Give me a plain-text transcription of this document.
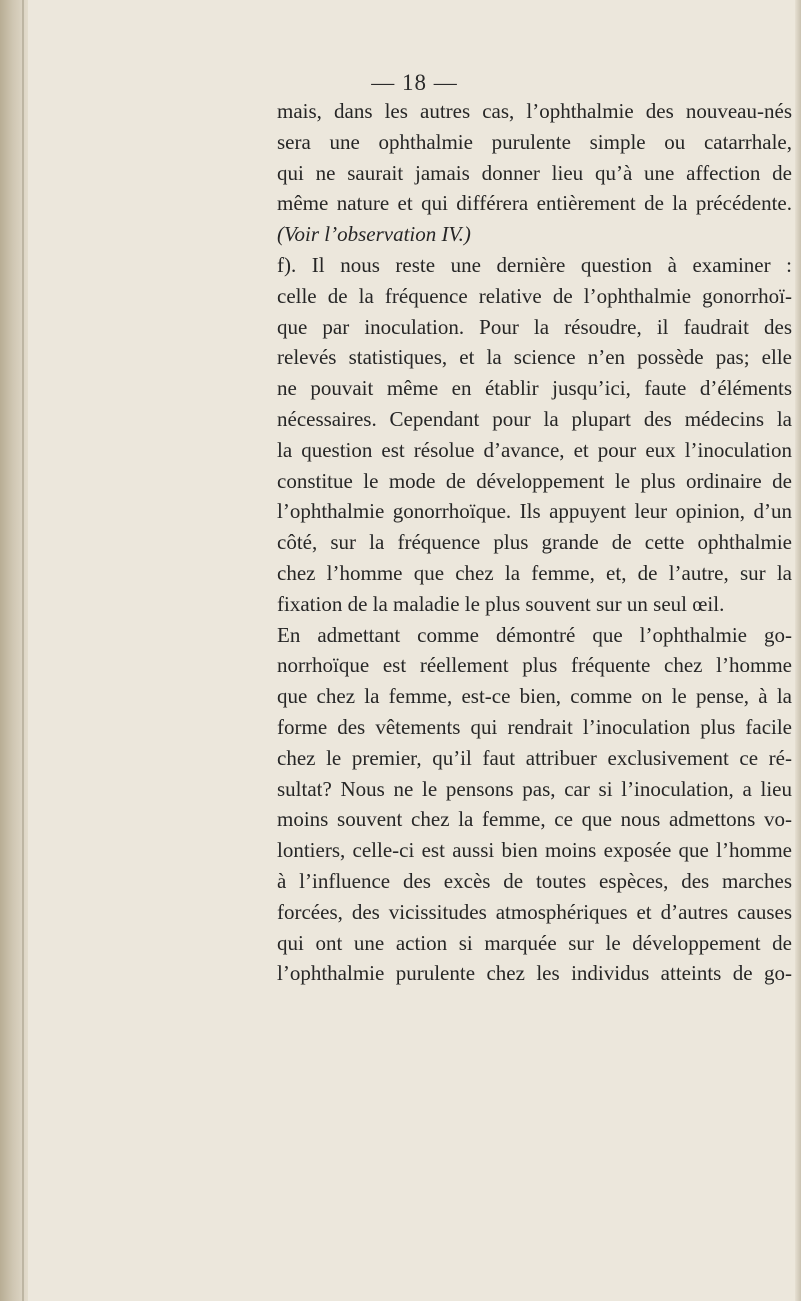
— 18 —

mais, dans les autres cas, l’ophthalmie des nouveau-nés
sera une ophthalmie purulente simple ou catarrhale,
qui ne saurait jamais donner lieu qu’à une affection de
même nature et qui différera entièrement de la précédente.
(Voir l’observation IV.)
f). Il nous reste une dernière question à examiner :
celle de la fréquence relative de l’ophthalmie gonorrhoï-
que par inoculation. Pour la résoudre, il faudrait des
relevés statistiques, et la science n’en possède pas; elle
ne pouvait même en établir jusqu’ici, faute d’éléments
nécessaires. Cependant pour la plupart des médecins la
la question est résolue d’avance, et pour eux l’inoculation
constitue le mode de développement le plus ordinaire de
l’ophthalmie gonorrhoïque. Ils appuyent leur opinion, d’un
côté, sur la fréquence plus grande de cette ophthalmie
chez l’homme que chez la femme, et, de l’autre, sur la
fixation de la maladie le plus souvent sur un seul œil.
En admettant comme démontré que l’ophthalmie go-
norrhoïque est réellement plus fréquente chez l’homme
que chez la femme, est-ce bien, comme on le pense, à la
forme des vêtements qui rendrait l’inoculation plus facile
chez le premier, qu’il faut attribuer exclusivement ce ré-
sultat? Nous ne le pensons pas, car si l’inoculation, a lieu
moins souvent chez la femme, ce que nous admettons vo-
lontiers, celle-ci est aussi bien moins exposée que l’homme
à l’influence des excès de toutes espèces, des marches
forcées, des vicissitudes atmosphériques et d’autres causes
qui ont une action si marquée sur le développement de
l’ophthalmie purulente chez les individus atteints de go-
